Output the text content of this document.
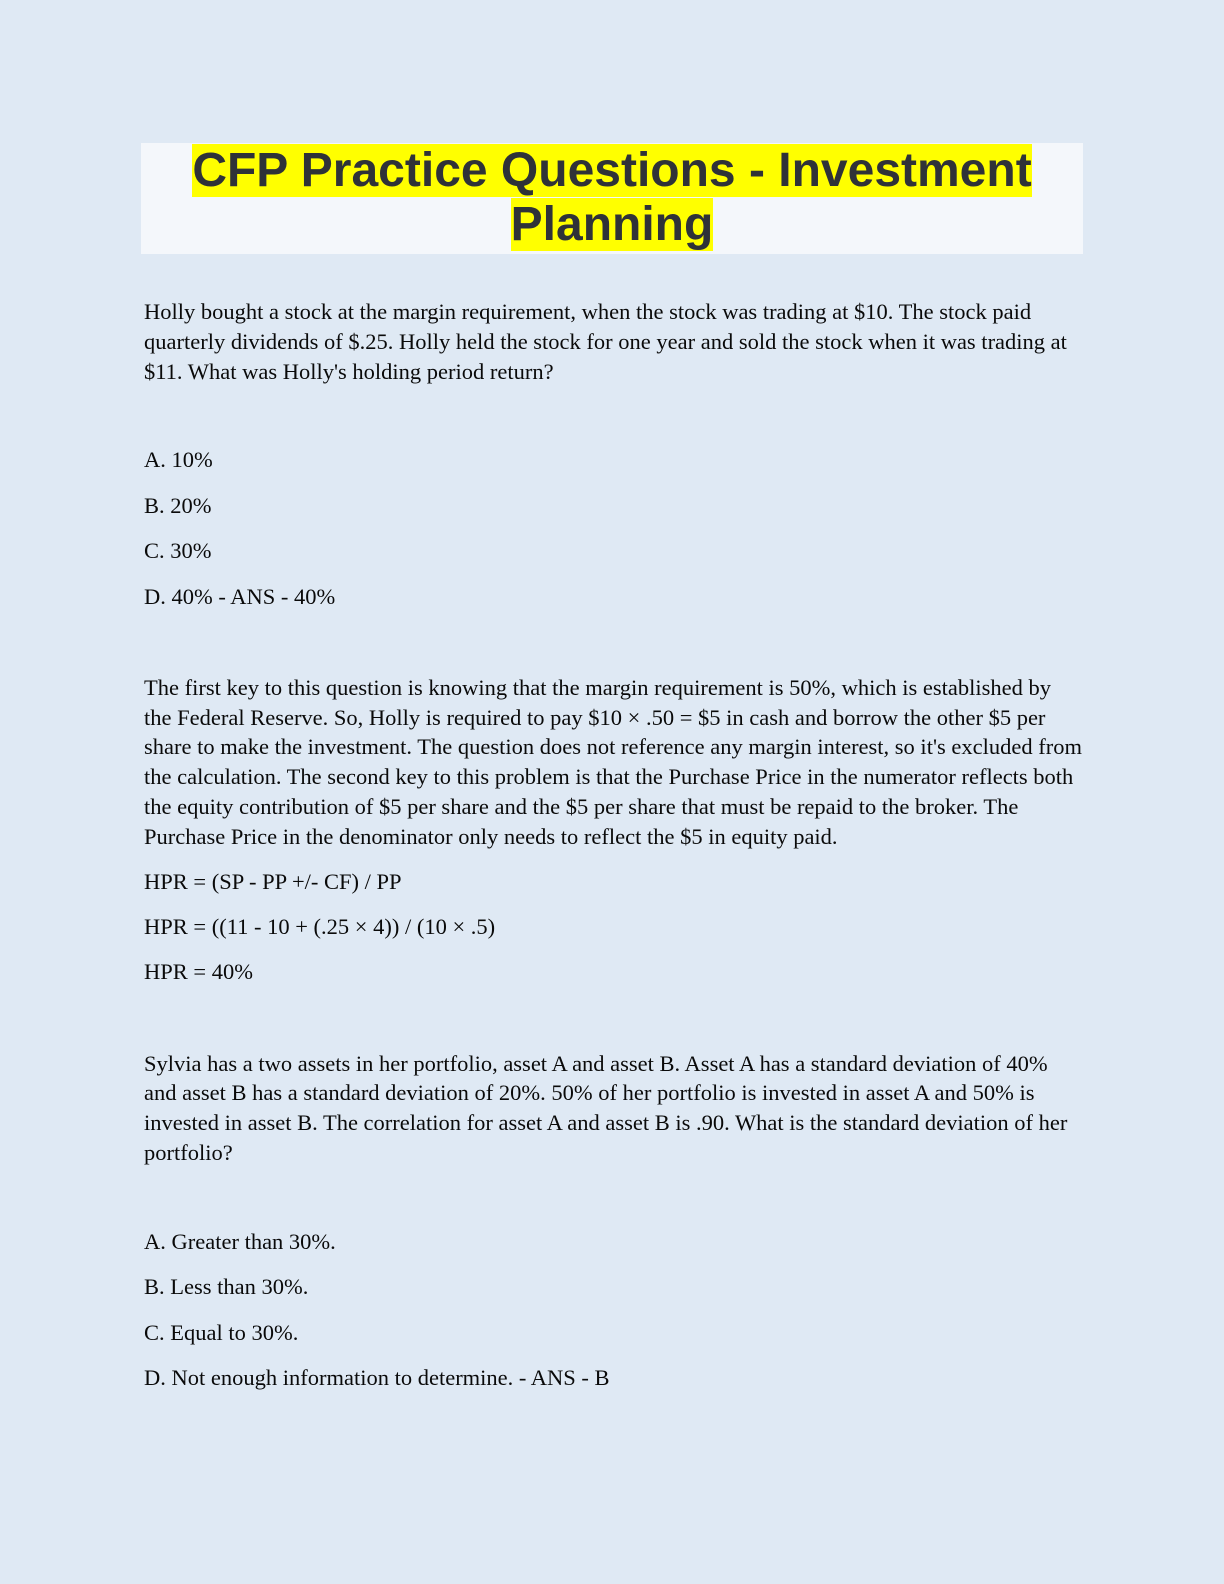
CFP Practice Questions - Investment
Planning

Holly bought a stock at the margin requirement, when the stock was trading at $10. The stock paid quarterly dividends of $.25. Holly held the stock for one year and sold the stock when it was trading at $11. What was Holly's holding period return?

A. 10%

B. 20%

C. 30%

D. 40% - ANS - 40%

The first key to this question is knowing that the margin requirement is 50%, which is established by the Federal Reserve. So, Holly is required to pay $10 × .50 = $5 in cash and borrow the other $5 per share to make the investment. The question does not reference any margin interest, so it's excluded from the calculation. The second key to this problem is that the Purchase Price in the numerator reflects both the equity contribution of $5 per share and the $5 per share that must be repaid to the broker. The Purchase Price in the denominator only needs to reflect the $5 in equity paid.

HPR = (SP - PP +/- CF) / PP

HPR = ((11 - 10 + (.25 × 4)) / (10 × .5)

HPR = 40%

Sylvia has a two assets in her portfolio, asset A and asset B. Asset A has a standard deviation of 40% and asset B has a standard deviation of 20%. 50% of her portfolio is invested in asset A and 50% is invested in asset B. The correlation for asset A and asset B is .90. What is the standard deviation of her portfolio?

A. Greater than 30%.

B. Less than 30%.

C. Equal to 30%.

D. Not enough information to determine. - ANS - B
